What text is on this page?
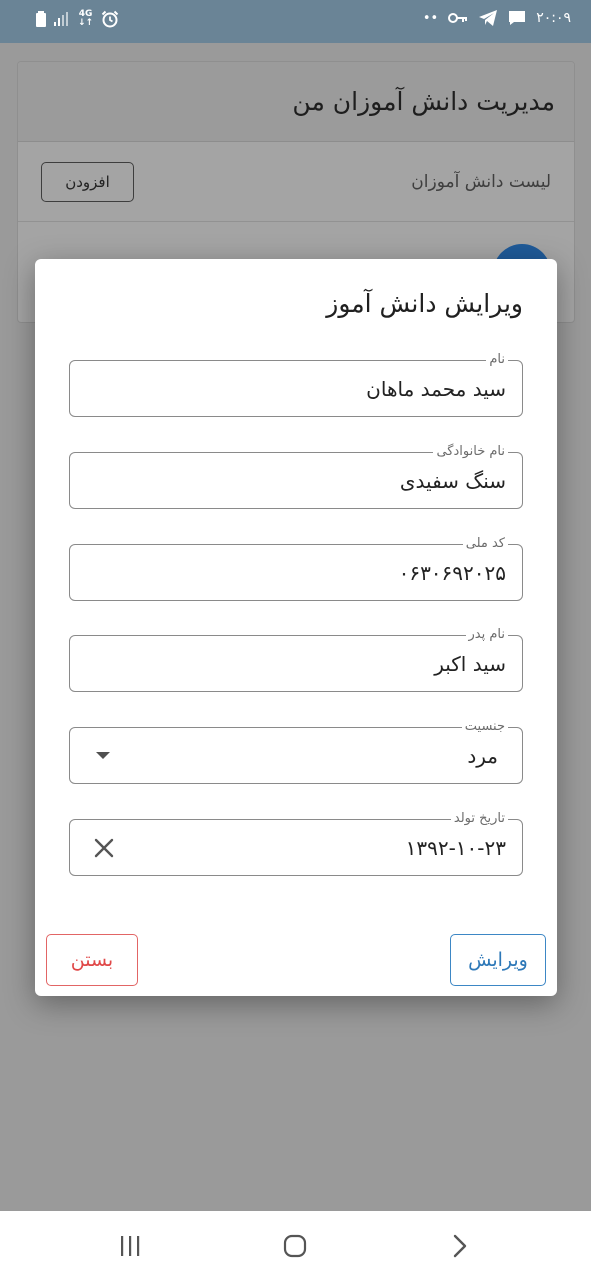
4G
↓↑	••	۲۰:۰۹
مدیریت دانش آموزان من
افزودن	لیست دانش آموزان
ویرایش دانش آموز
نام
سید محمد ماهان
نام خانوادگی
سنگ سفیدی
کد ملی
۰۶۳۰۶۹۲۰۲۵
نام پدر
سید اکبر
جنسیت
مرد
تاریخ تولد
۱۳۹۲-۱۰-۲۳
بستن	ویرایش
